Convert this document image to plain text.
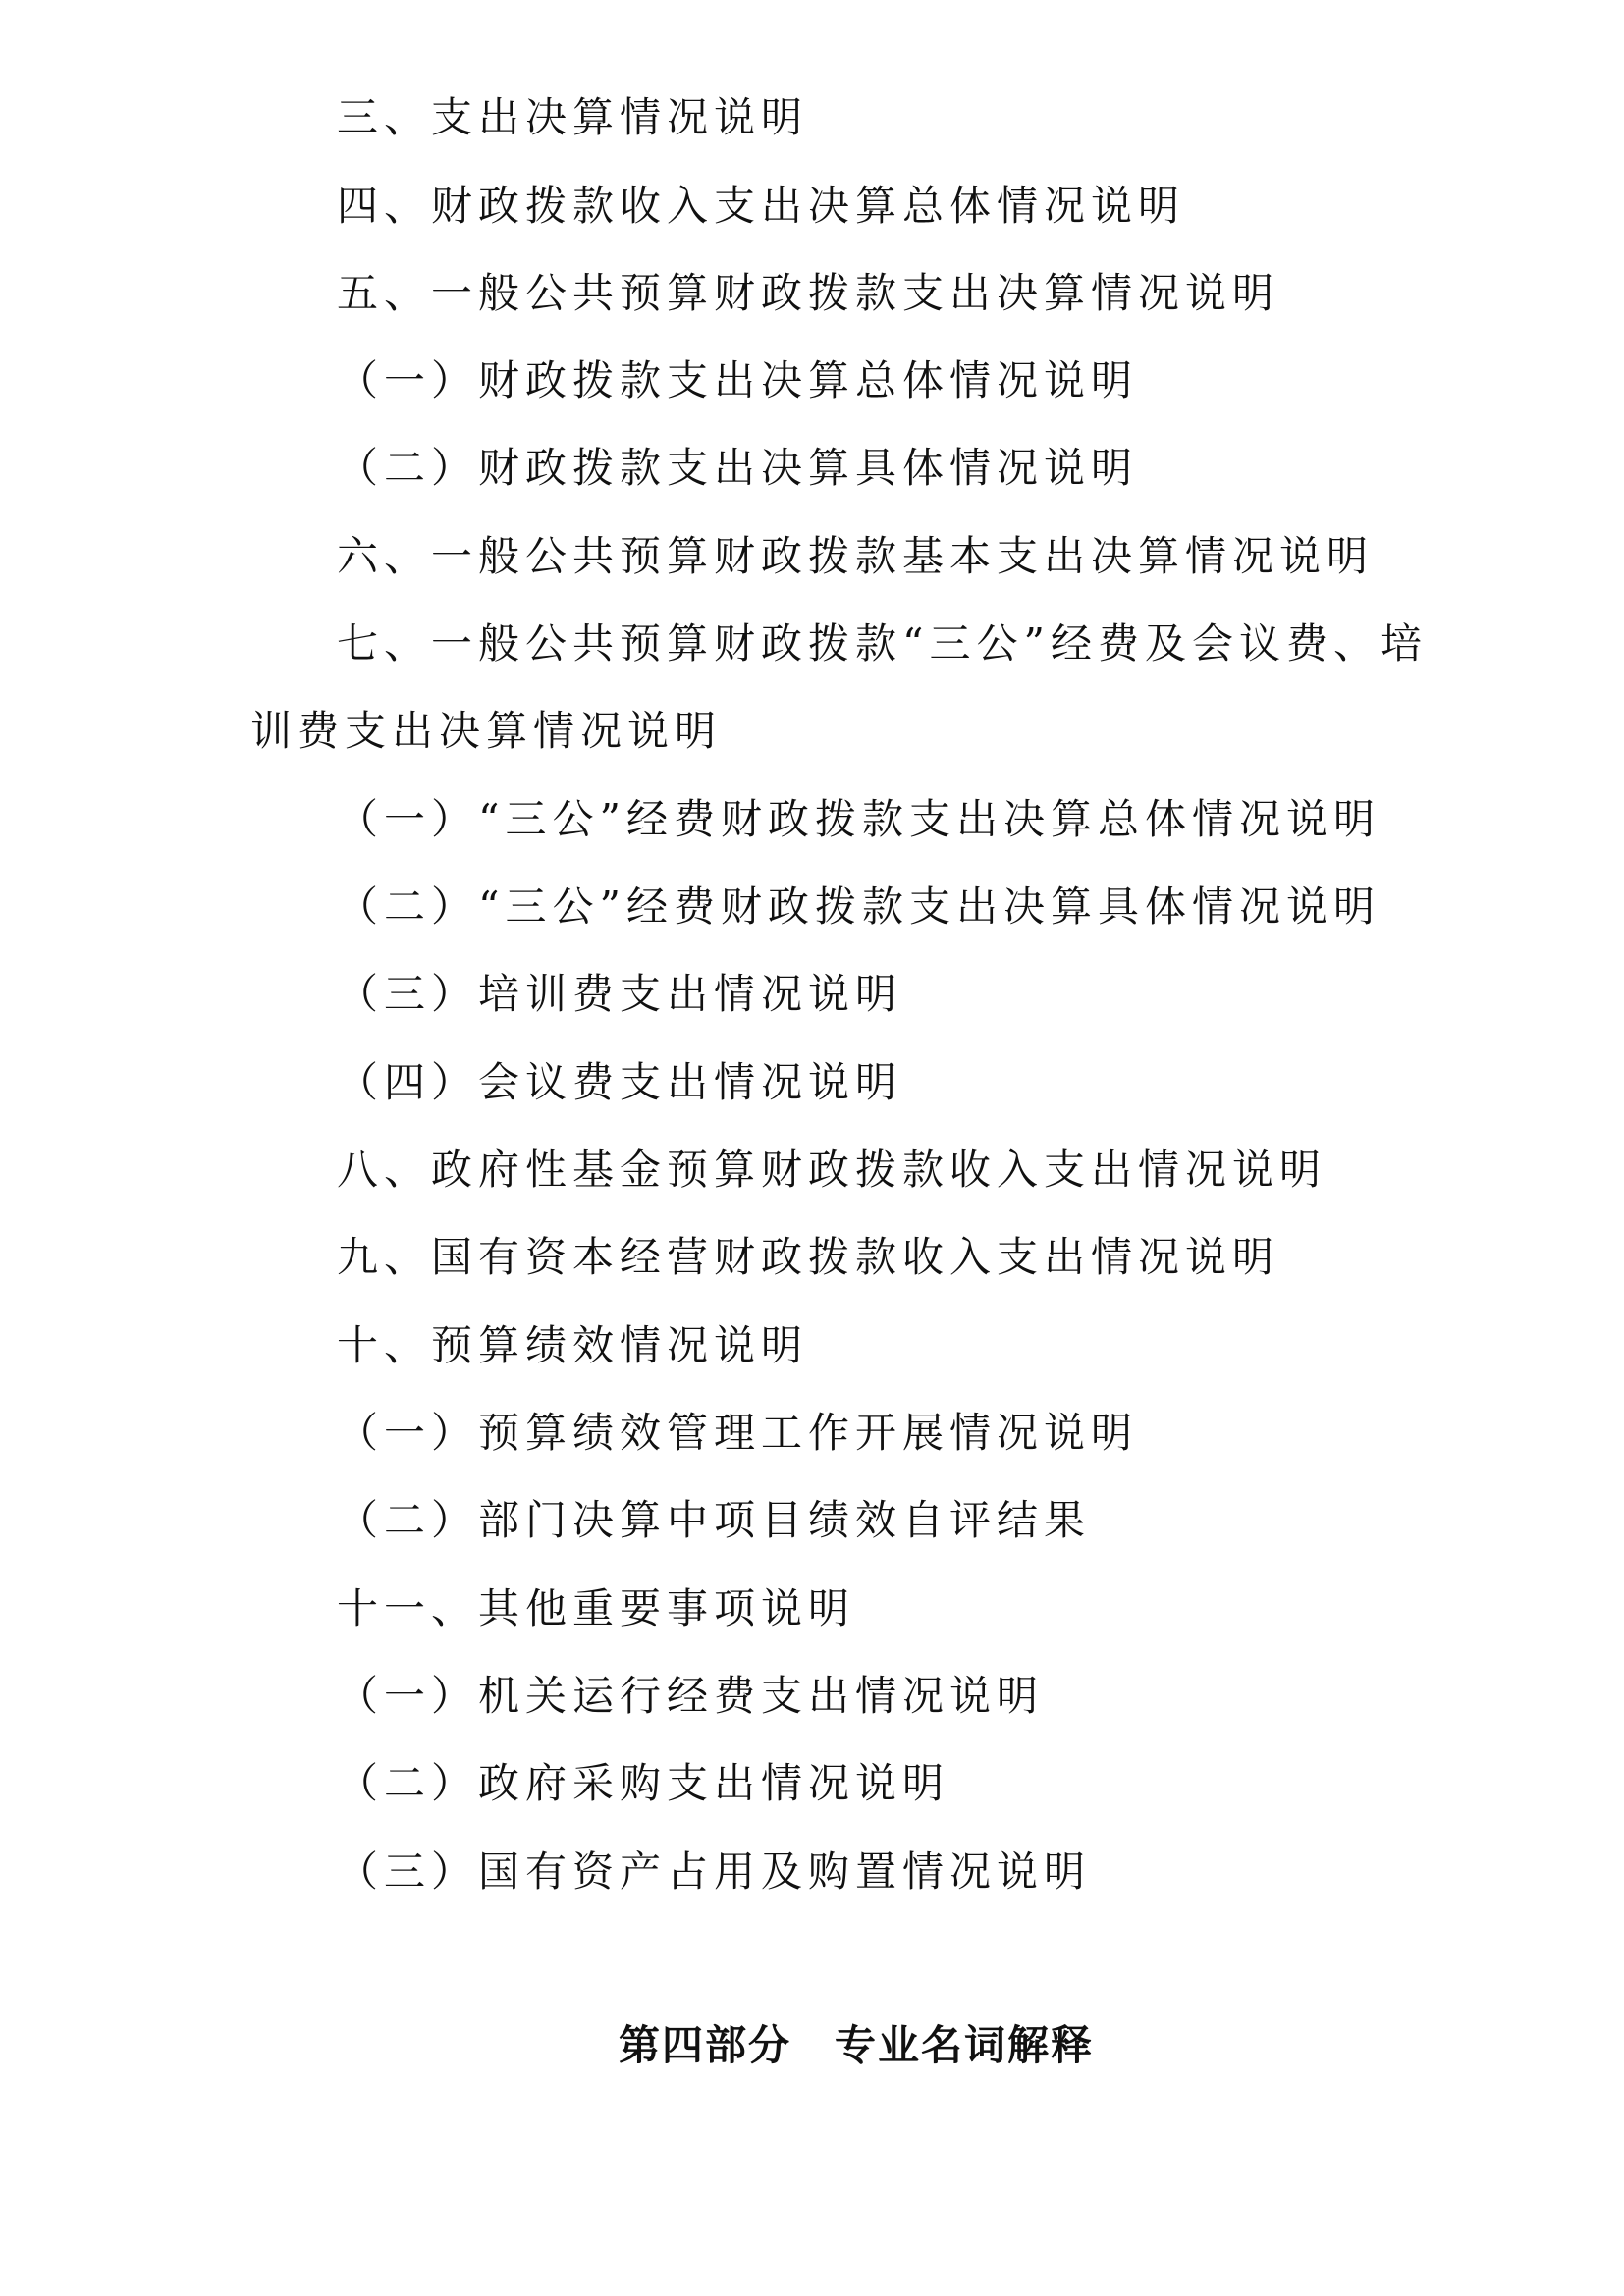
三、支出决算情况说明
四、财政拨款收入支出决算总体情况说明
五、一般公共预算财政拨款支出决算情况说明
（一）财政拨款支出决算总体情况说明
（二）财政拨款支出决算具体情况说明
六、一般公共预算财政拨款基本支出决算情况说明
七、一般公共预算财政拨款“三公”经费及会议费、培
训费支出决算情况说明
（一）“三公”经费财政拨款支出决算总体情况说明
（二）“三公”经费财政拨款支出决算具体情况说明
（三）培训费支出情况说明
（四）会议费支出情况说明
八、政府性基金预算财政拨款收入支出情况说明
九、国有资本经营财政拨款收入支出情况说明
十、预算绩效情况说明
（一）预算绩效管理工作开展情况说明
（二）部门决算中项目绩效自评结果
十一、其他重要事项说明
（一）机关运行经费支出情况说明
（二）政府采购支出情况说明
（三）国有资产占用及购置情况说明
第四部分　专业名词解释
